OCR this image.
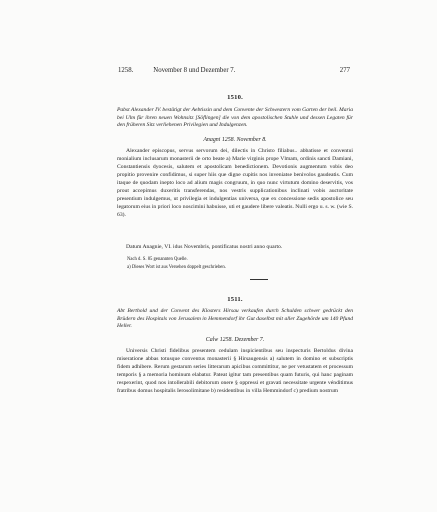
1258.	November 8 und Dezember 7.	277
1510.
Pabst Alexander IV. bestätigt der Aebtissin und dem Convente der Schwestern vom Garten der heil. Maria bei Ulm für ihren neuen Wohnsitz [Söflingen] die von dem apostolischen Stuhle und dessen Legaten für den früheren Sitz verliehenen Privilegien und Indulgenzen.
Anagni 1258. November 8.

Alexander episcopus, servus servorum dei, dilectis in Christo filiabus.. abbatisse et conventui monialium inclusarum monasterii de orto beate a) Marie virginis prope Vlmam, ordinis sancti Damiani, Constantiensis dyocesis, salutem et apostolicam benedictionem. Devotionis augmentum vobis deo propitio provenire confidimus, si super hiis que digne cupitis nos inveniatse benivolos gaudeatis. Cum itaque de quodam inepto loco ad alium magis congruum, in quo nunc virtutum domino deservitis, vos prout accepimus duxeritis transferendas, nos vestris supplicationibus inclinati vobis auctoritate presentium indulgemus, ut privilegia et indulgentias universa, que ex concessione sedis apostolice seu legatorum eius in priori loco noscimini habuisse, uti et gaudere libere valeatis. Nulli ergo u. s. w. (wie S. 63).

Datum Anagnie, VI. idus Novembris, pontificatus nostri anno quarto.

Nach d. S. 85 genannten Quelle.
a) Dieses Wort ist aus Versehen doppelt geschrieben.
1511.
Abt Berthold und der Convent des Klosters Hirsau verkaufen durch Schulden schwer gedrückt den Brüdern des Hospitals von Jerusalem in Hemmendorf ihr Gut daselbst mit aller Zugehörde um 140 Pfund Heller.
Calw 1258. Dezember 7.

Universis Christi fidelibus presentem cedulam inspicientibus seu inspecturis Bertoldus divina miseratione abbas totusque conventus monasterii § Hirsaugensis a) salutem in domino et subscriptis fidem adhibere. Rerum gestarum series litterarum apicibus committitur, ne per vetustatem et processum temporis § a memoria hominum elabatur. Pateat igitur tam presentibus quam futuris, qui hanc paginam respexerint, quod nos intollerabili debitorum onere § oppressi et gravati necessitate urgente vénditimus fratribus domus hospitalis Ierosolimitane b) residentibus in villa Hemmindorf c) predium nostrum
